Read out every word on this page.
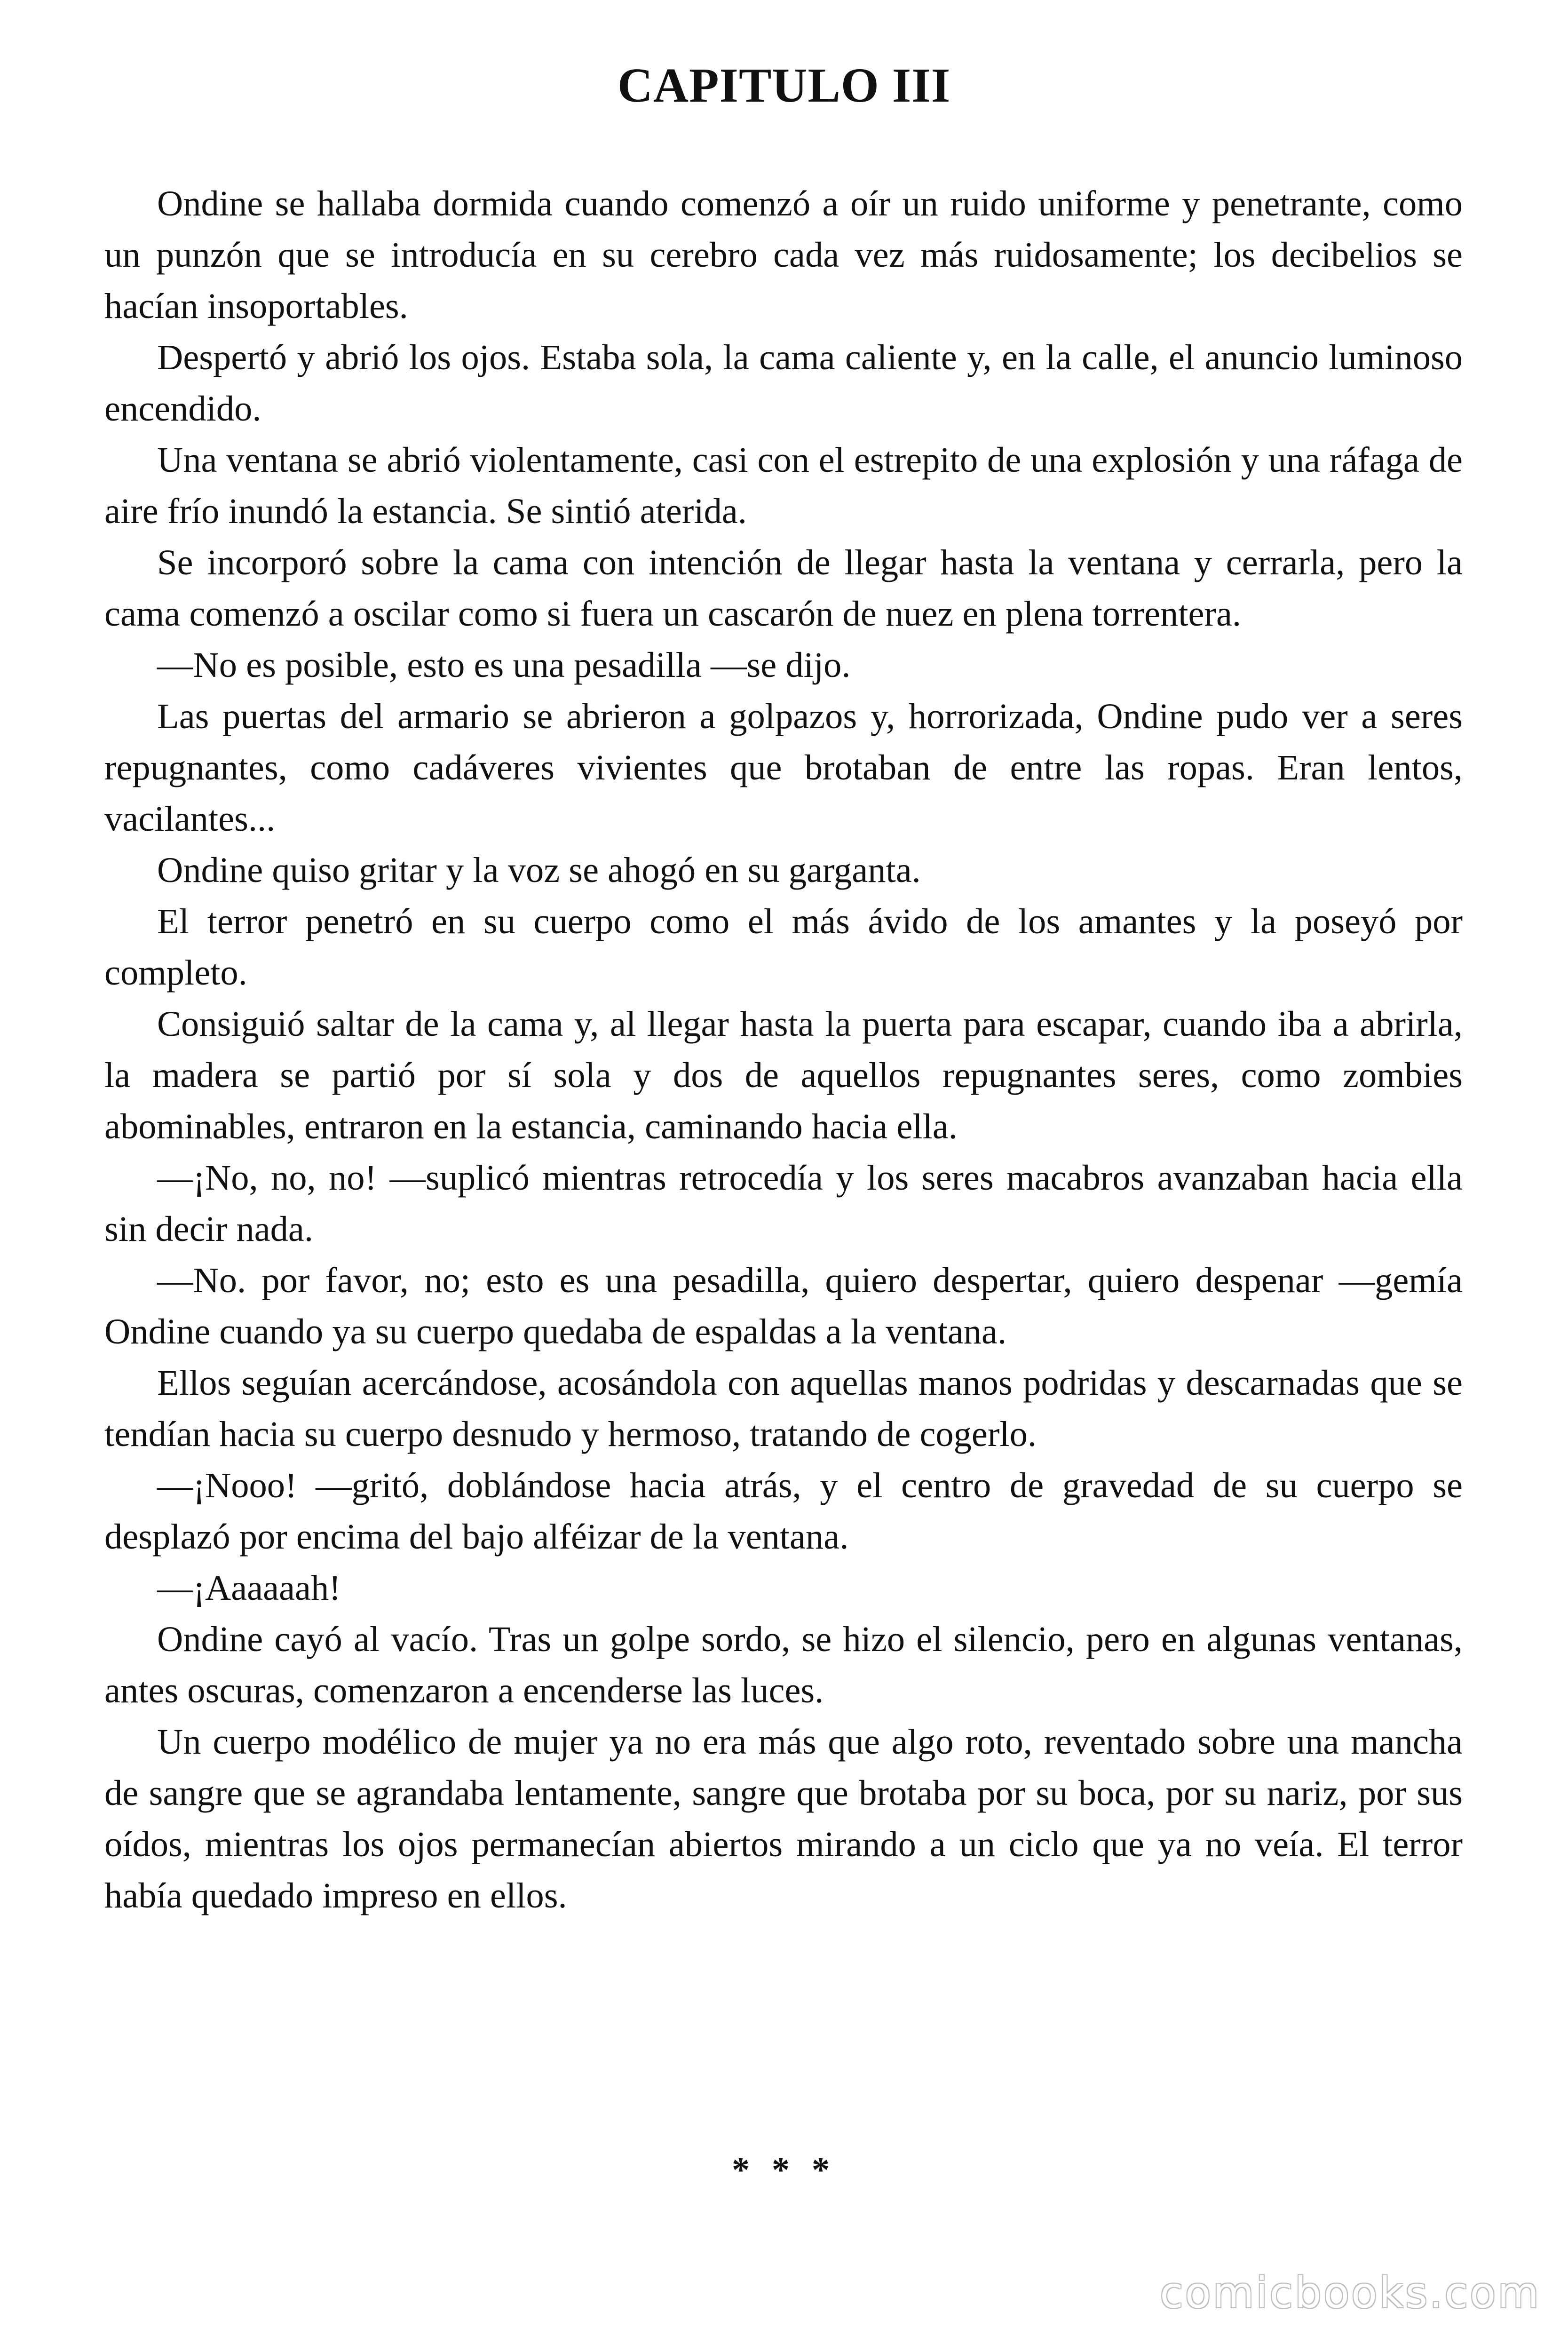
CAPITULO III

Ondine se hallaba dormida cuando comenzó a oír un ruido uniforme y penetrante, como un punzón que se introducía en su cerebro cada vez más ruidosamente; los decibelios se hacían insoportables.

Despertó y abrió los ojos. Estaba sola, la cama caliente y, en la calle, el anuncio luminoso encendido.

Una ventana se abrió violentamente, casi con el estrepito de una explosión y una ráfaga de aire frío inundó la estancia. Se sintió aterida.

Se incorporó sobre la cama con intención de llegar hasta la ventana y cerrarla, pero la cama comenzó a oscilar como si fuera un cascarón de nuez en plena torrentera.

—No es posible, esto es una pesadilla —se dijo.

Las puertas del armario se abrieron a golpazos y, horrorizada, Ondine pudo ver a seres repugnantes, como cadáveres vivientes que brotaban de entre las ropas. Eran lentos, vacilantes...

Ondine quiso gritar y la voz se ahogó en su garganta.

El terror penetró en su cuerpo como el más ávido de los amantes y la poseyó por completo.

Consiguió saltar de la cama y, al llegar hasta la puerta para escapar, cuando iba a abrirla, la madera se partió por sí sola y dos de aquellos repugnantes seres, como zombies abominables, entraron en la estancia, caminando hacia ella.

—¡No, no, no! —suplicó mientras retrocedía y los seres macabros avanzaban hacia ella sin decir nada.

—No. por favor, no; esto es una pesadilla, quiero despertar, quiero despenar —gemía Ondine cuando ya su cuerpo quedaba de espaldas a la ventana.

Ellos seguían acercándose, acosándola con aquellas manos podridas y descarnadas que se tendían hacia su cuerpo desnudo y hermoso, tratando de cogerlo.

—¡Nooo! —gritó, doblándose hacia atrás, y el centro de gravedad de su cuerpo se desplazó por encima del bajo alféizar de la ventana.

—¡Aaaaaah!

Ondine cayó al vacío. Tras un golpe sordo, se hizo el silencio, pero en algunas ventanas, antes oscuras, comenzaron a encenderse las luces.

Un cuerpo modélico de mujer ya no era más que algo roto, reventado sobre una mancha de sangre que se agrandaba lentamente, sangre que brotaba por su boca, por su nariz, por sus oídos, mientras los ojos permanecían abiertos mirando a un ciclo que ya no veía. El terror había quedado impreso en ellos.

* * *
comicbooks.com
